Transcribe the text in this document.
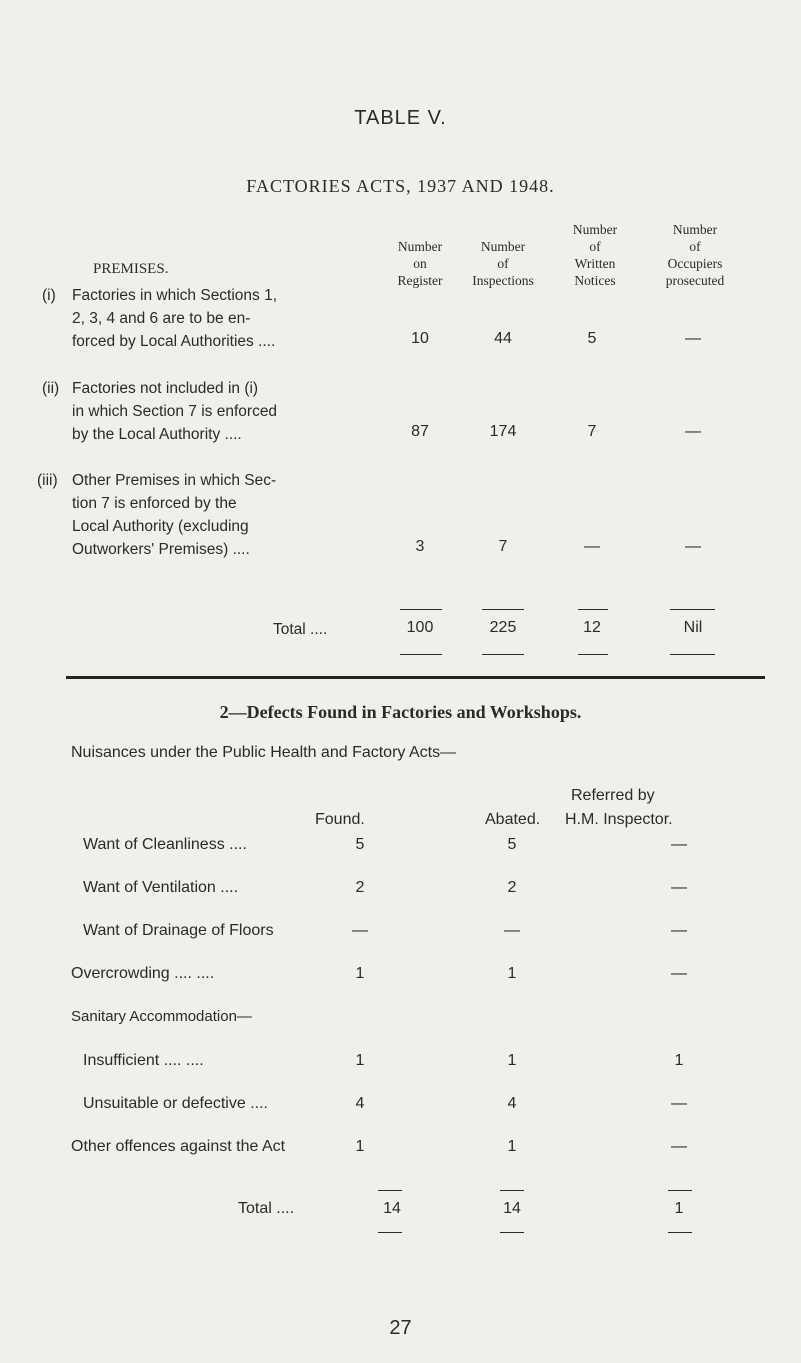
TABLE V.
FACTORIES ACTS, 1937 AND 1948.
PREMISES.
Number
on
Register
Number
of
Inspections
Number
of
Written
Notices
Number
of
Occupiers
prosecuted
(i) Factories in which Sections 1,
2, 3, 4 and 6 are to be en-
forced by Local Authorities ....	10	44	5	—
(ii) Factories not included in (i)
in which Section 7 is enforced
by the Local Authority ....	87	174	7	—
(iii) Other Premises in which Sec-
tion 7 is enforced by the
Local Authority (excluding
Outworkers' Premises) ....	3	7	—	—
Total ....	100	225	12	Nil
2—Defects Found in Factories and Workshops.
Nuisances under the Public Health and Factory Acts—
Referred by
Found.	Abated. H.M. Inspector.
Want of Cleanliness ....	5	5	—
Want of Ventilation ....	2	2	—
Want of Drainage of Floors	—	—	—
Overcrowding .... ....	1	1	—
Sanitary Accommodation—
Insufficient .... ....	1	1	1
Unsuitable or defective ....	4	4	—
Other offences against the Act	1	1	—
Total ....	14	14	1
27
